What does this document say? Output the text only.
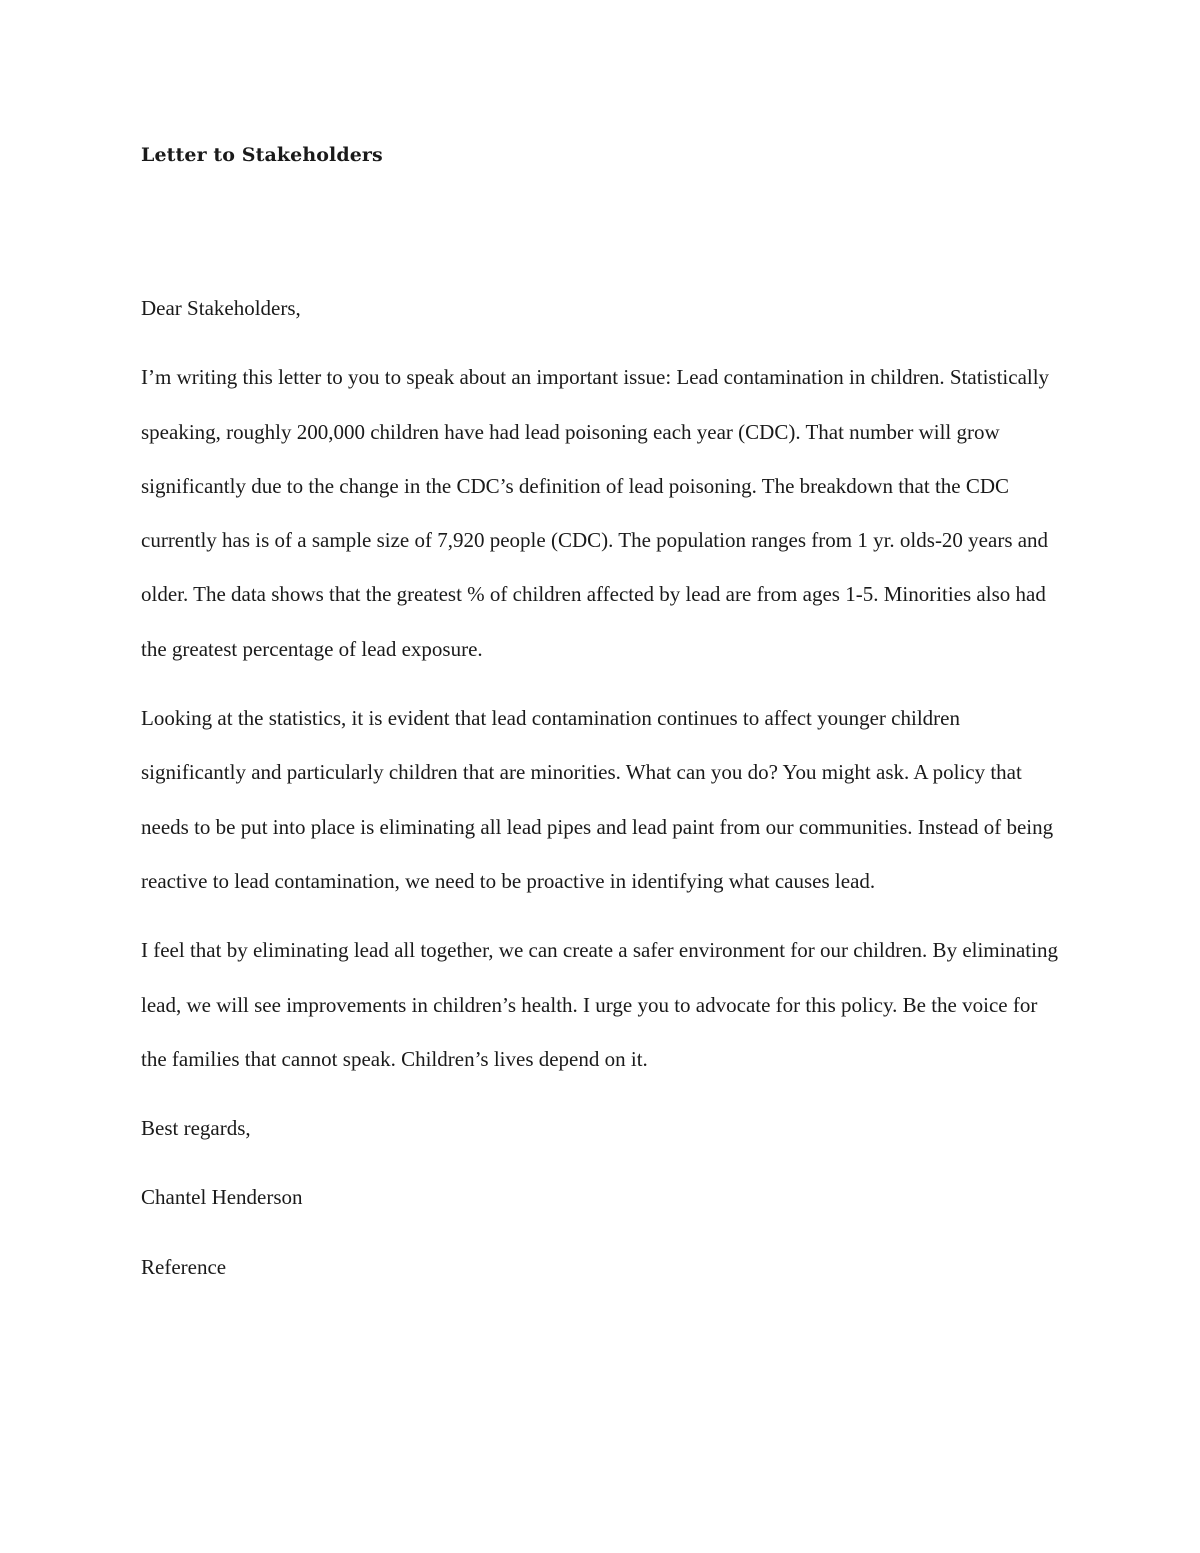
Letter to Stakeholders

Dear Stakeholders,

I’m writing this letter to you to speak about an important issue: Lead contamination in children. Statistically speaking, roughly 200,000 children have had lead poisoning each year (CDC). That number will grow significantly due to the change in the CDC’s definition of lead poisoning. The breakdown that the CDC currently has is of a sample size of 7,920 people (CDC). The population ranges from 1 yr. olds-20 years and older. The data shows that the greatest % of children affected by lead are from ages 1-5. Minorities also had the greatest percentage of lead exposure.

Looking at the statistics, it is evident that lead contamination continues to affect younger children significantly and particularly children that are minorities. What can you do? You might ask. A policy that needs to be put into place is eliminating all lead pipes and lead paint from our communities. Instead of being reactive to lead contamination, we need to be proactive in identifying what causes lead.

I feel that by eliminating lead all together, we can create a safer environment for our children. By eliminating lead, we will see improvements in children’s health. I urge you to advocate for this policy. Be the voice for the families that cannot speak. Children’s lives depend on it.

Best regards,

Chantel Henderson

Reference
